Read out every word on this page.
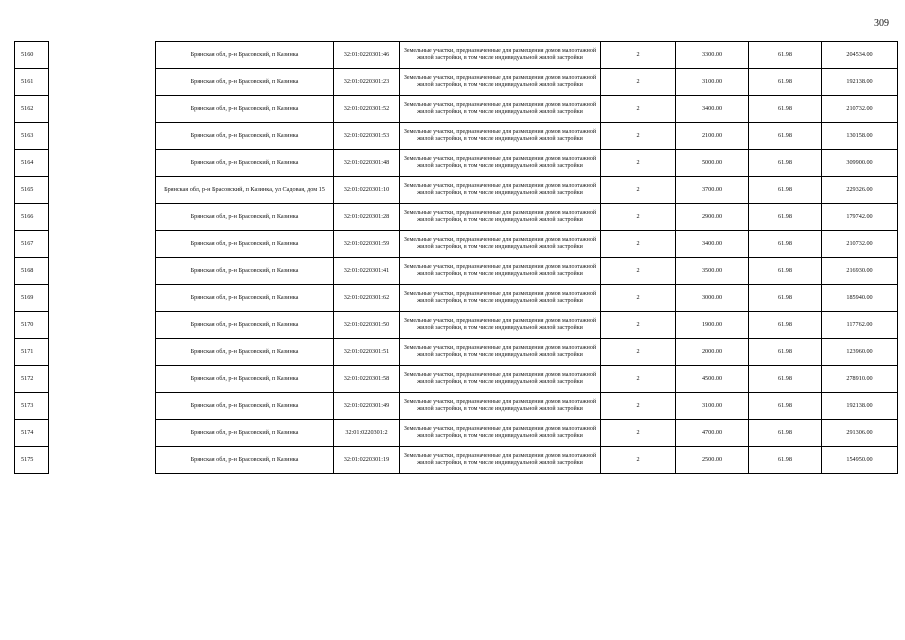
309
5160		Брянская обл, р-н Брасовский, п Казинка	32:01:0220301:46	Земельные участки, предназначенные для размещения домов малоэтажной жилой застройки, в том числе индивидуальной жилой застройки	2	3300.00	61.98	204534.00
5161		Брянская обл, р-н Брасовский, п Казинка	32:01:0220301:23	Земельные участки, предназначенные для размещения домов малоэтажной жилой застройки, в том числе индивидуальной жилой застройки	2	3100.00	61.98	192138.00
5162		Брянская обл, р-н Брасовский, п Казинка	32:01:0220301:52	Земельные участки, предназначенные для размещения домов малоэтажной жилой застройки, в том числе индивидуальной жилой застройки	2	3400.00	61.98	210732.00
5163		Брянская обл, р-н Брасовский, п Казинка	32:01:0220301:53	Земельные участки, предназначенные для размещения домов малоэтажной жилой застройки, в том числе индивидуальной жилой застройки	2	2100.00	61.98	130158.00
5164		Брянская обл, р-н Брасовский, п Казинка	32:01:0220301:48	Земельные участки, предназначенные для размещения домов малоэтажной жилой застройки, в том числе индивидуальной жилой застройки	2	5000.00	61.98	309900.00
5165		Брянская обл, р-н Брасовский, п Казинка, ул Садовая, дом 15	32:01:0220301:10	Земельные участки, предназначенные для размещения домов малоэтажной жилой застройки, в том числе индивидуальной жилой застройки	2	3700.00	61.98	229326.00
5166		Брянская обл, р-н Брасовский, п Казинка	32:01:0220301:28	Земельные участки, предназначенные для размещения домов малоэтажной жилой застройки, в том числе индивидуальной жилой застройки	2	2900.00	61.98	179742.00
5167		Брянская обл, р-н Брасовский, п Казинка	32:01:0220301:59	Земельные участки, предназначенные для размещения домов малоэтажной жилой застройки, в том числе индивидуальной жилой застройки	2	3400.00	61.98	210732.00
5168		Брянская обл, р-н Брасовский, п Казинка	32:01:0220301:41	Земельные участки, предназначенные для размещения домов малоэтажной жилой застройки, в том числе индивидуальной жилой застройки	2	3500.00	61.98	216930.00
5169		Брянская обл, р-н Брасовский, п Казинка	32:01:0220301:62	Земельные участки, предназначенные для размещения домов малоэтажной жилой застройки, в том числе индивидуальной жилой застройки	2	3000.00	61.98	185940.00
5170		Брянская обл, р-н Брасовский, п Казинка	32:01:0220301:50	Земельные участки, предназначенные для размещения домов малоэтажной жилой застройки, в том числе индивидуальной жилой застройки	2	1900.00	61.98	117762.00
5171		Брянская обл, р-н Брасовский, п Казинка	32:01:0220301:51	Земельные участки, предназначенные для размещения домов малоэтажной жилой застройки, в том числе индивидуальной жилой застройки	2	2000.00	61.98	123960.00
5172		Брянская обл, р-н Брасовский, п Казинка	32:01:0220301:58	Земельные участки, предназначенные для размещения домов малоэтажной жилой застройки, в том числе индивидуальной жилой застройки	2	4500.00	61.98	278910.00
5173		Брянская обл, р-н Брасовский, п Казинка	32:01:0220301:49	Земельные участки, предназначенные для размещения домов малоэтажной жилой застройки, в том числе индивидуальной жилой застройки	2	3100.00	61.98	192138.00
5174		Брянская обл, р-н Брасовский, п Казинка	32:01:0220301:2	Земельные участки, предназначенные для размещения домов малоэтажной жилой застройки, в том числе индивидуальной жилой застройки	2	4700.00	61.98	291306.00
5175		Брянская обл, р-н Брасовский, п Казинка	32:01:0220301:19	Земельные участки, предназначенные для размещения домов малоэтажной жилой застройки, в том числе индивидуальной жилой застройки	2	2500.00	61.98	154950.00
